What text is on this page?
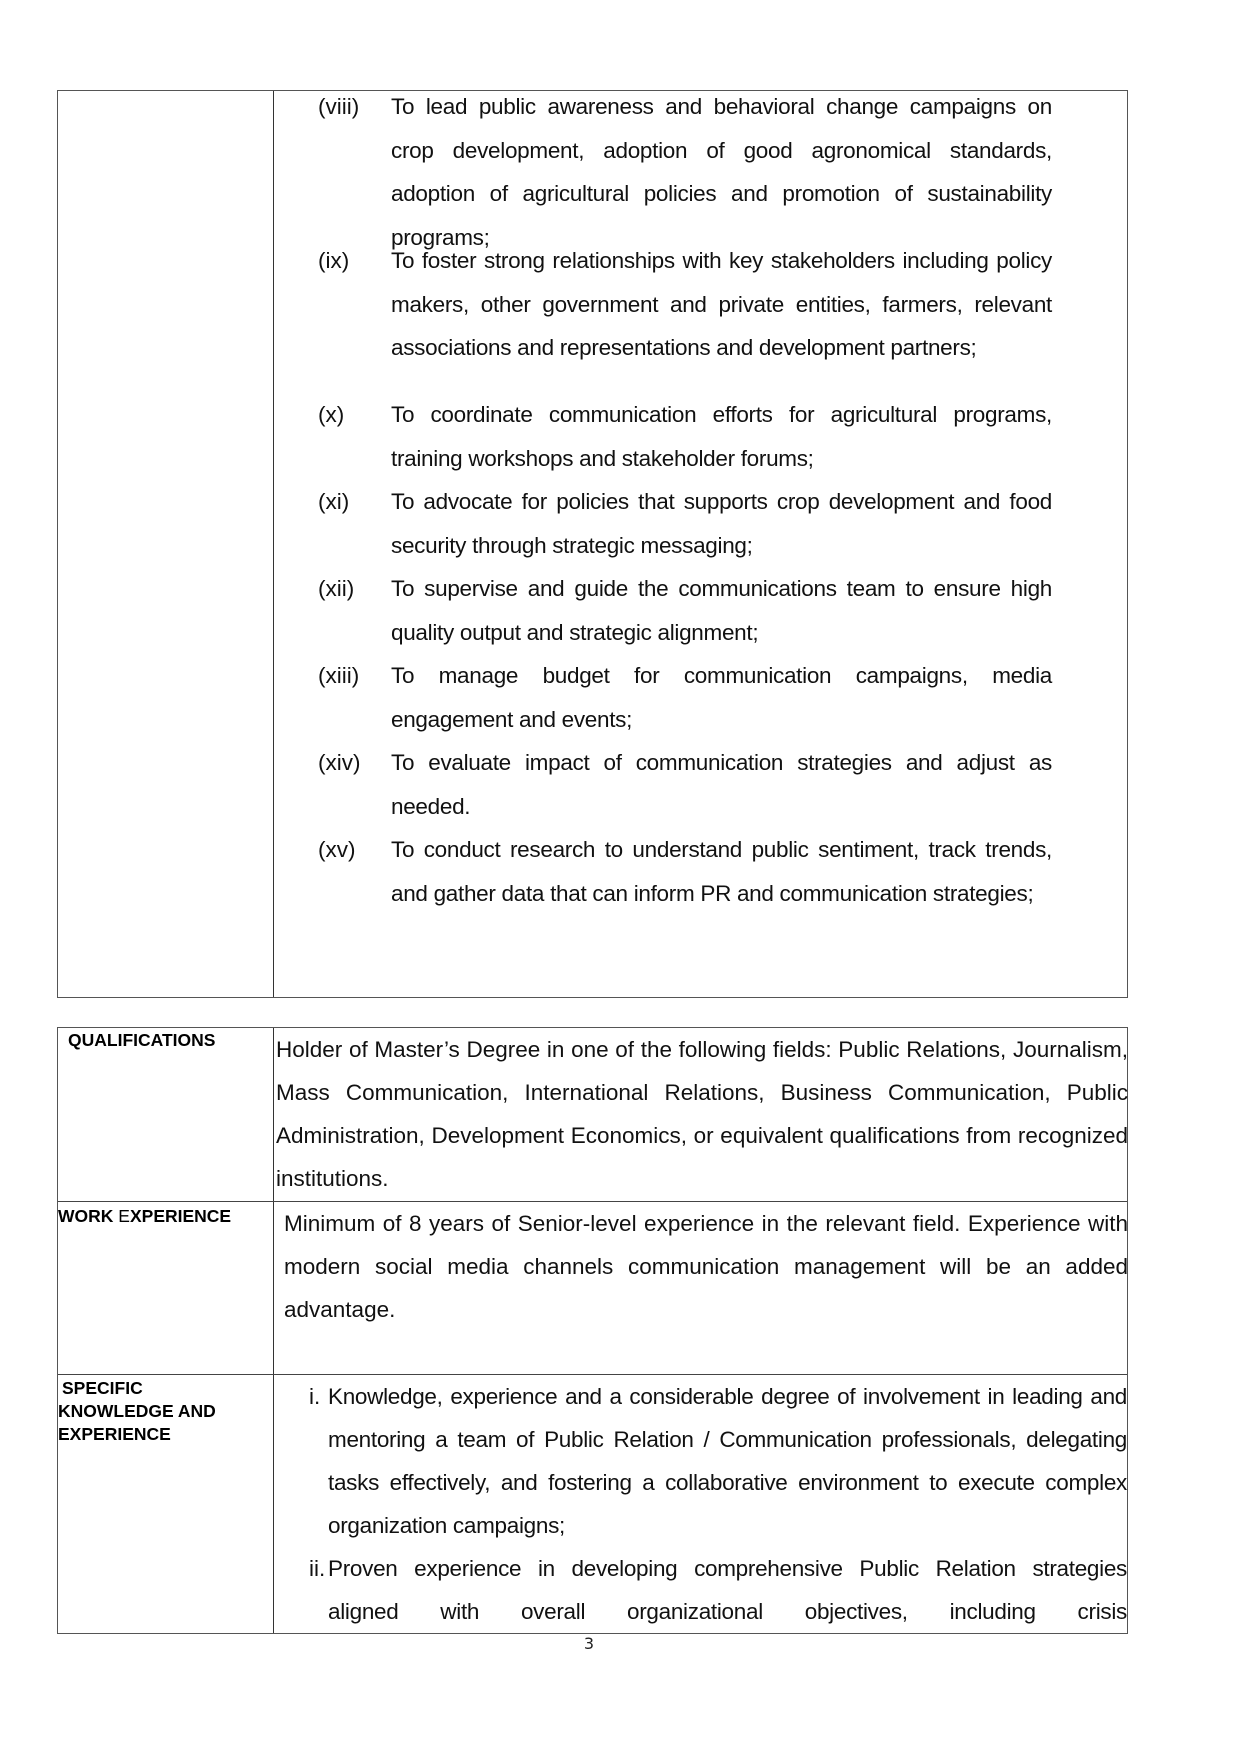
(viii) To lead public awareness and behavioral change campaigns on crop development, adoption of good agronomical standards, adoption of agricultural policies and promotion of sustainability programs;
(ix) To foster strong relationships with key stakeholders including policy makers, other government and private entities, farmers, relevant associations and representations and development partners;
(x) To coordinate communication efforts for agricultural programs, training workshops and stakeholder forums;
(xi) To advocate for policies that supports crop development and food security through strategic messaging;
(xii) To supervise and guide the communications team to ensure high quality output and strategic alignment;
(xiii) To manage budget for communication campaigns, media engagement and events;
(xiv) To evaluate impact of communication strategies and adjust as needed.
(xv) To conduct research to understand public sentiment, track trends, and gather data that can inform PR and communication strategies;
QUALIFICATIONS	Holder of Master’s Degree in one of the following fields: Public Relations, Journalism, Mass Communication, International Relations, Business Communication, Public Administration, Development Economics, or equivalent qualifications from recognized institutions.
WORK EXPERIENCE Minimum of 8 years of Senior-level experience in the relevant field. Experience with modern social media channels communication management will be an added advantage.
SPECIFIC
KNOWLEDGE AND
EXPERIENCE
i. Knowledge, experience and a considerable degree of involvement in leading and mentoring a team of Public Relation / Communication professionals, delegating tasks effectively, and fostering a collaborative environment to execute complex organization campaigns;
ii. Proven experience in developing comprehensive Public Relation strategies aligned with overall organizational objectives, including crisis
3
